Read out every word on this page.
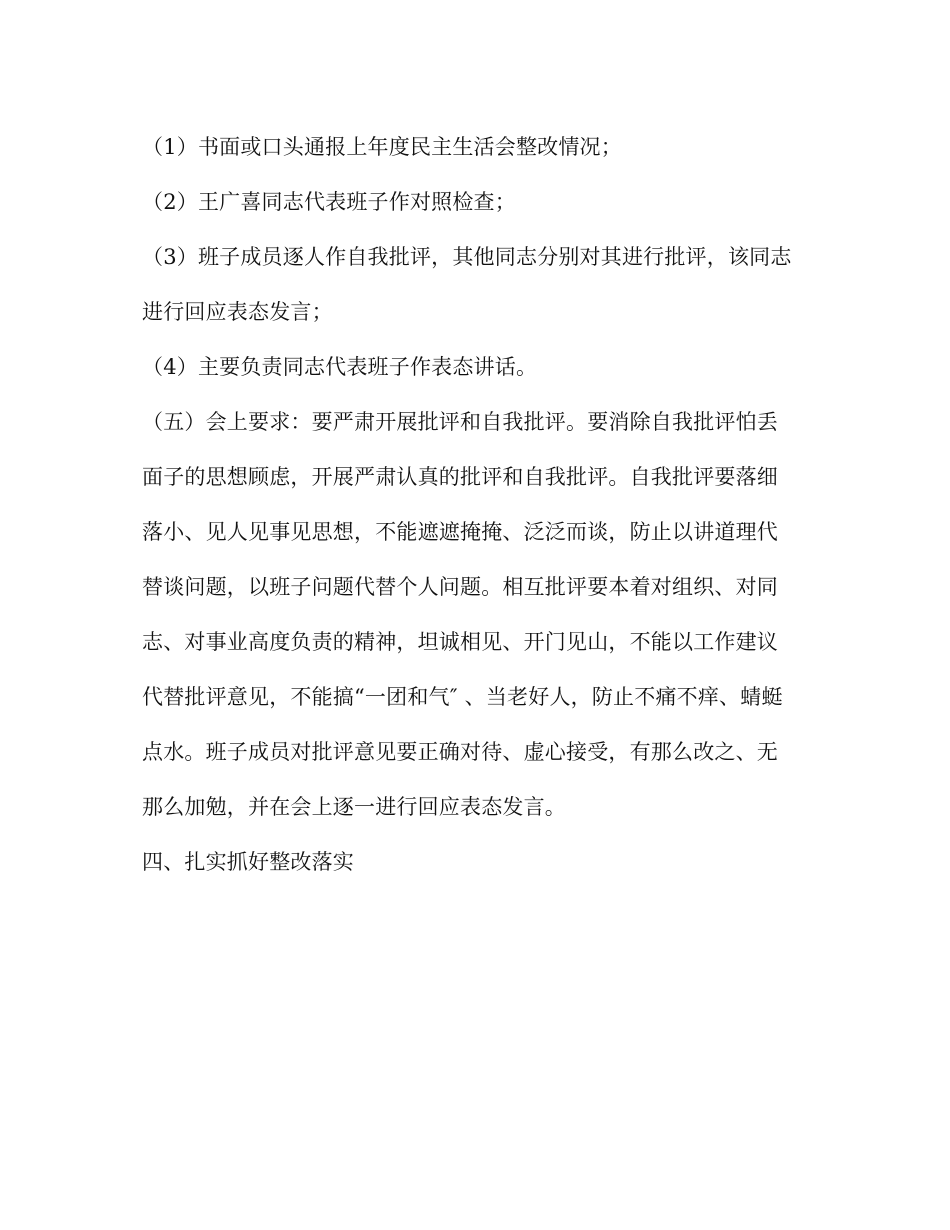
（1）书面或口头通报上年度民主生活会整改情况；
（2）王广喜同志代表班子作对照检查；
（3）班子成员逐人作自我批评，其他同志分别对其进行批评，该同志
进行回应表态发言；
（4）主要负责同志代表班子作表态讲话。
（五）会上要求：要严肃开展批评和自我批评。要消除自我批评怕丢
面子的思想顾虑，开展严肃认真的批评和自我批评。自我批评要落细
落小、见人见事见思想，不能遮遮掩掩、泛泛而谈，防止以讲道理代
替谈问题，以班子问题代替个人问题。相互批评要本着对组织、对同
志、对事业高度负责的精神，坦诚相见、开门见山，不能以工作建议
代替批评意见，不能搞“一团和气″ 、当老好人，防止不痛不痒、蜻蜓
点水。班子成员对批评意见要正确对待、虚心接受，有那么改之、无
那么加勉，并在会上逐一进行回应表态发言。
四、扎实抓好整改落实
